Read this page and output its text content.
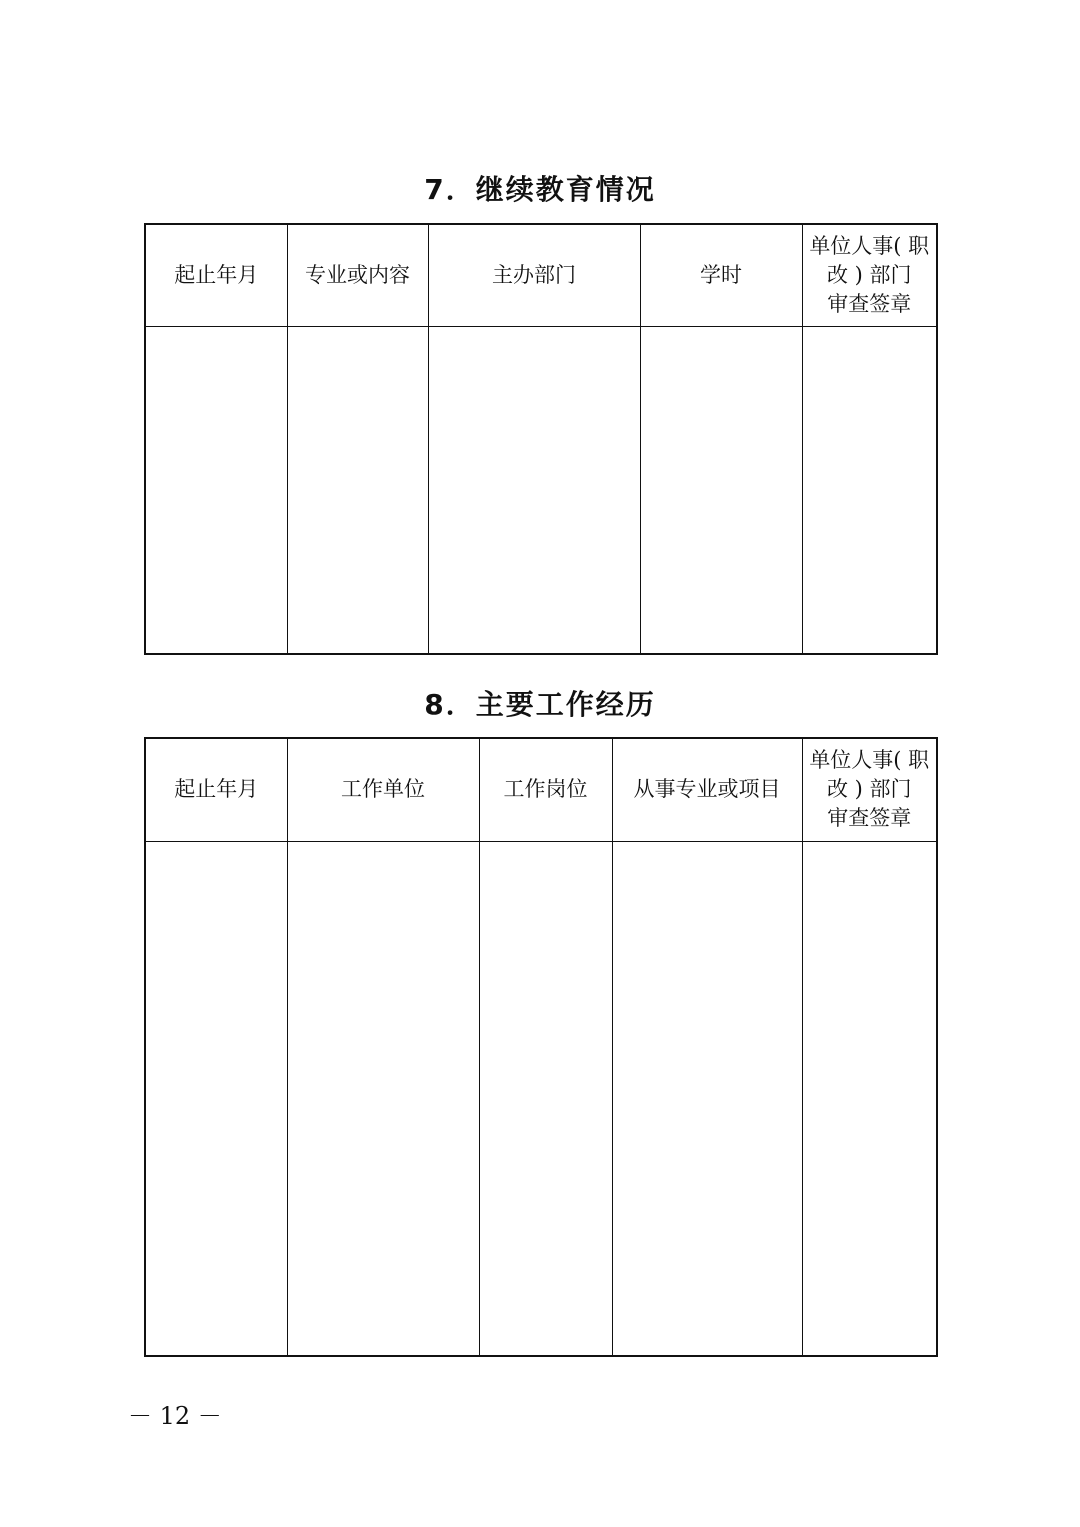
7．继续教育情况
起止年月	专业或内容	主办部门	学时	单位人事( 职
改 ) 部门
审查签章

8．主要工作经历
起止年月	工作单位	工作岗位	从事专业或项目	单位人事( 职
改 ) 部门
审查签章

－ 12 －
